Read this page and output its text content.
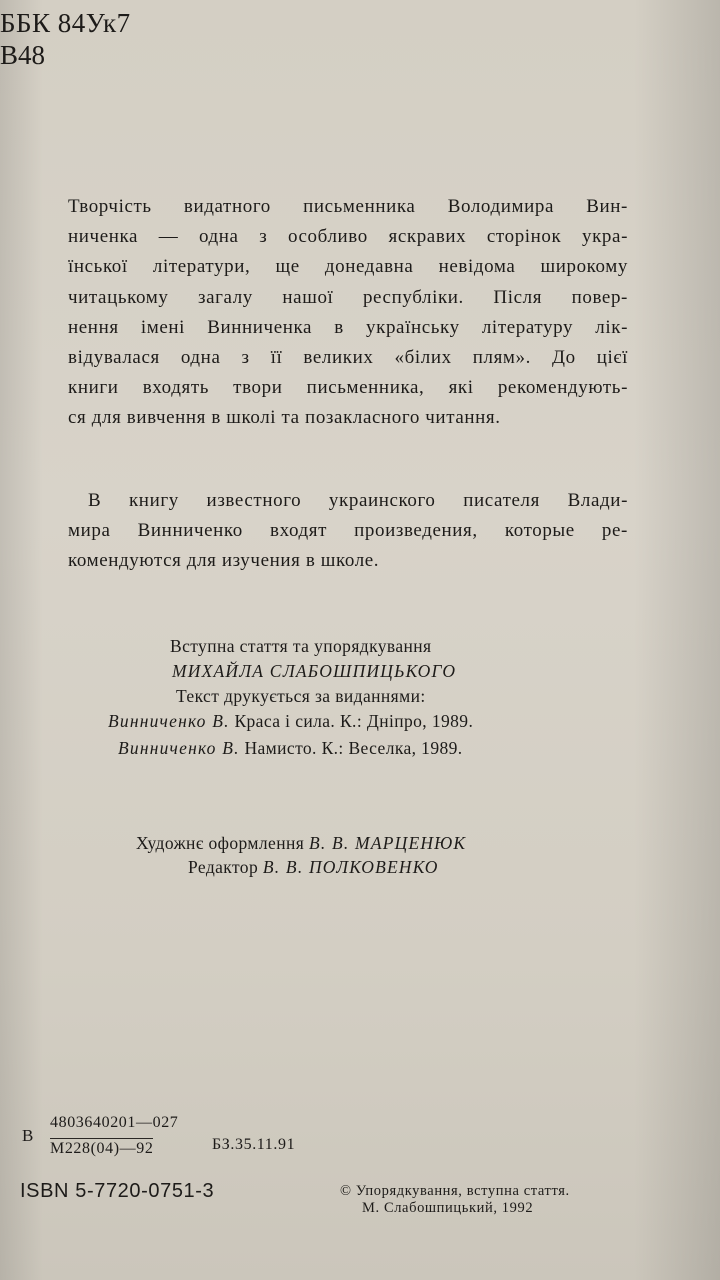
ББК 84Ук7
В48
Творчість видатного письменника Володимира Вин-
ниченка — одна з особливо яскравих сторінок укра-
їнської літератури, ще донедавна невідома широкому
читацькому загалу нашої республіки. Після повер-
нення імені Винниченка в українську літературу лік-
відувалася одна з її великих «білих плям». До цієї
книги входять твори письменника, які рекомендують-
ся для вивчення в школі та позакласного читання.
В книгу известного украинского писателя Влади-
мира Винниченко входят произведения, которые ре-
комендуются для изучения в школе.
Вступна стаття та упорядкування
МИХАЙЛА СЛАБОШПИЦЬКОГО
Текст друкується за виданнями:
Винниченко В. Краса і сила. К.: Дніпро, 1989.
Винниченко В. Намисто. К.: Веселка, 1989.
Художнє оформлення В. В. МАРЦЕНЮК
Редактор В. В. ПОЛКОВЕНКО
В
4803640201—027
М228(04)—92	БЗ.35.11.91
ISBN 5-7720-0751-3	© Упорядкування, вступна стаття.
М. Слабошпицький, 1992
